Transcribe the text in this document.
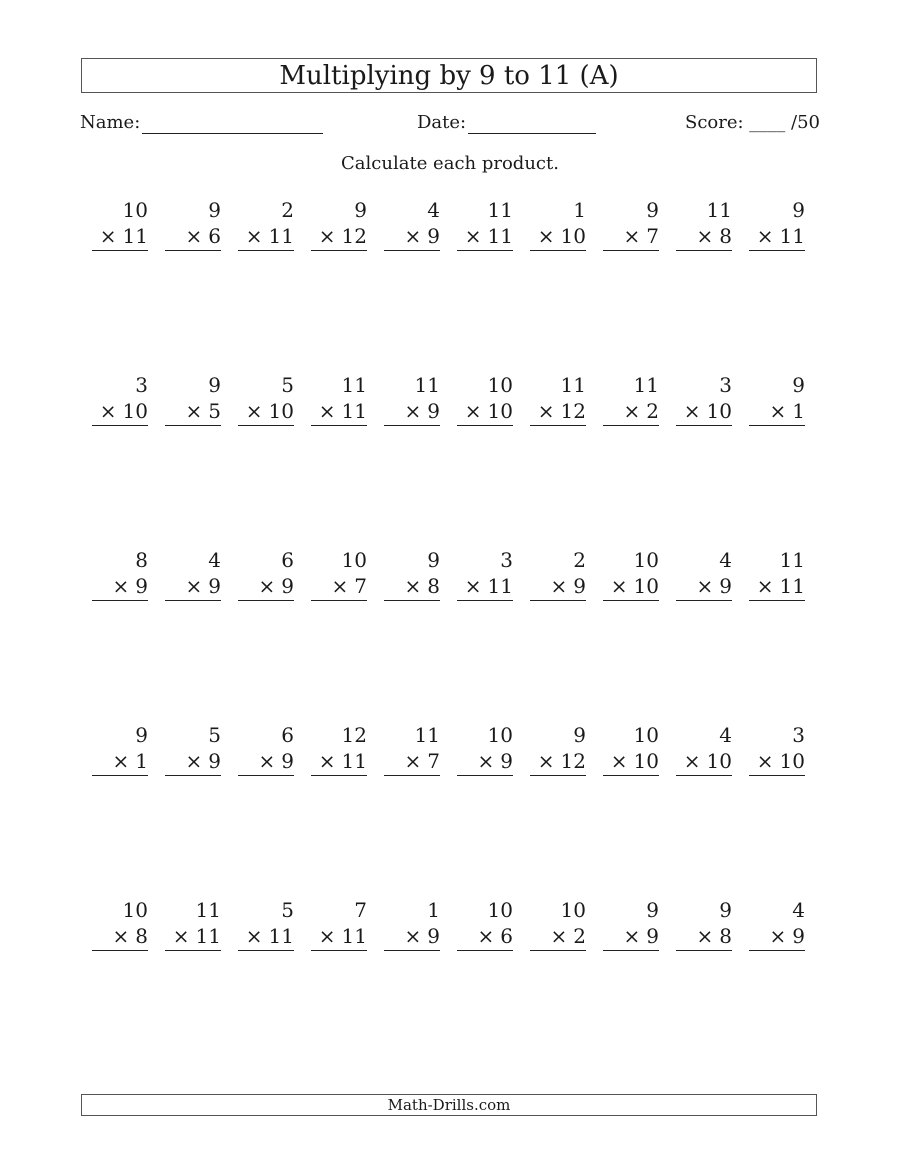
Multiplying by 9 to 11 (A)
Name:	Date:	Score: ____ /50
Calculate each product.
10
× 11
9
× 6
2
× 11
9
× 12
4
× 9
11
× 11
1
× 10
9
× 7
11
× 8
9
× 11
3
× 10
9
× 5
5
× 10
11
× 11
11
× 9
10
× 10
11
× 12
11
× 2
3
× 10
9
× 1
8
× 9
4
× 9
6
× 9
10
× 7
9
× 8
3
× 11
2
× 9
10
× 10
4
× 9
11
× 11
9
× 1
5
× 9
6
× 9
12
× 11
11
× 7
10
× 9
9
× 12
10
× 10
4
× 10
3
× 10
10
× 8
11
× 11
5
× 11
7
× 11
1
× 9
10
× 6
10
× 2
9
× 9
9
× 8
4
× 9
Math-Drills.com
